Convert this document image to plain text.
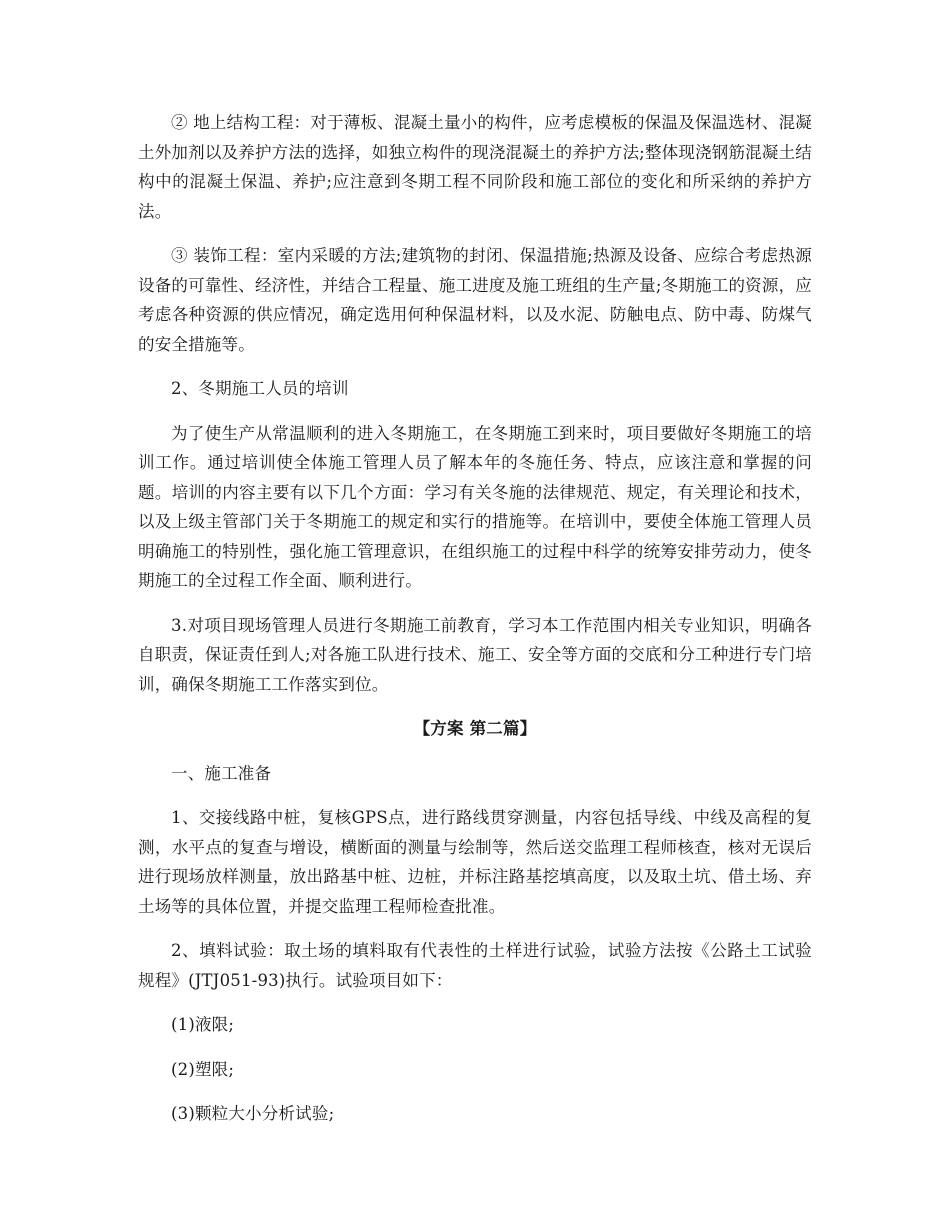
② 地上结构工程：对于薄板、混凝土量小的构件，应考虑模板的保温及保温选材、混凝土外加剂以及养护方法的选择，如独立构件的现浇混凝土的养护方法;整体现浇钢筋混凝土结构中的混凝土保温、养护;应注意到冬期工程不同阶段和施工部位的变化和所采纳的养护方法。

③ 装饰工程：室内采暖的方法;建筑物的封闭、保温措施;热源及设备、应综合考虑热源设备的可靠性、经济性，并结合工程量、施工进度及施工班组的生产量;冬期施工的资源，应考虑各种资源的供应情况，确定选用何种保温材料，以及水泥、防触电点、防中毒、防煤气的安全措施等。

2、冬期施工人员的培训

为了使生产从常温顺利的进入冬期施工，在冬期施工到来时，项目要做好冬期施工的培训工作。通过培训使全体施工管理人员了解本年的冬施任务、特点，应该注意和掌握的问题。培训的内容主要有以下几个方面：学习有关冬施的法律规范、规定，有关理论和技术，以及上级主管部门关于冬期施工的规定和实行的措施等。在培训中，要使全体施工管理人员明确施工的特别性，强化施工管理意识，在组织施工的过程中科学的统筹安排劳动力，使冬期施工的全过程工作全面、顺利进行。

3.对项目现场管理人员进行冬期施工前教育，学习本工作范围内相关专业知识，明确各自职责，保证责任到人;对各施工队进行技术、施工、安全等方面的交底和分工种进行专门培训，确保冬期施工工作落实到位。

【方案 第二篇】

一、施工准备

1、交接线路中桩，复核GPS点，进行路线贯穿测量，内容包括导线、中线及高程的复测，水平点的复查与增设，横断面的测量与绘制等，然后送交监理工程师核查，核对无误后进行现场放样测量，放出路基中桩、边桩，并标注路基挖填高度，以及取土坑、借土场、弃土场等的具体位置，并提交监理工程师检查批准。

2、填料试验：取土场的填料取有代表性的土样进行试验，试验方法按《公路土工试验规程》(JTJ051-93)执行。试验项目如下：

(1)液限;

(2)塑限;

(3)颗粒大小分析试验;
